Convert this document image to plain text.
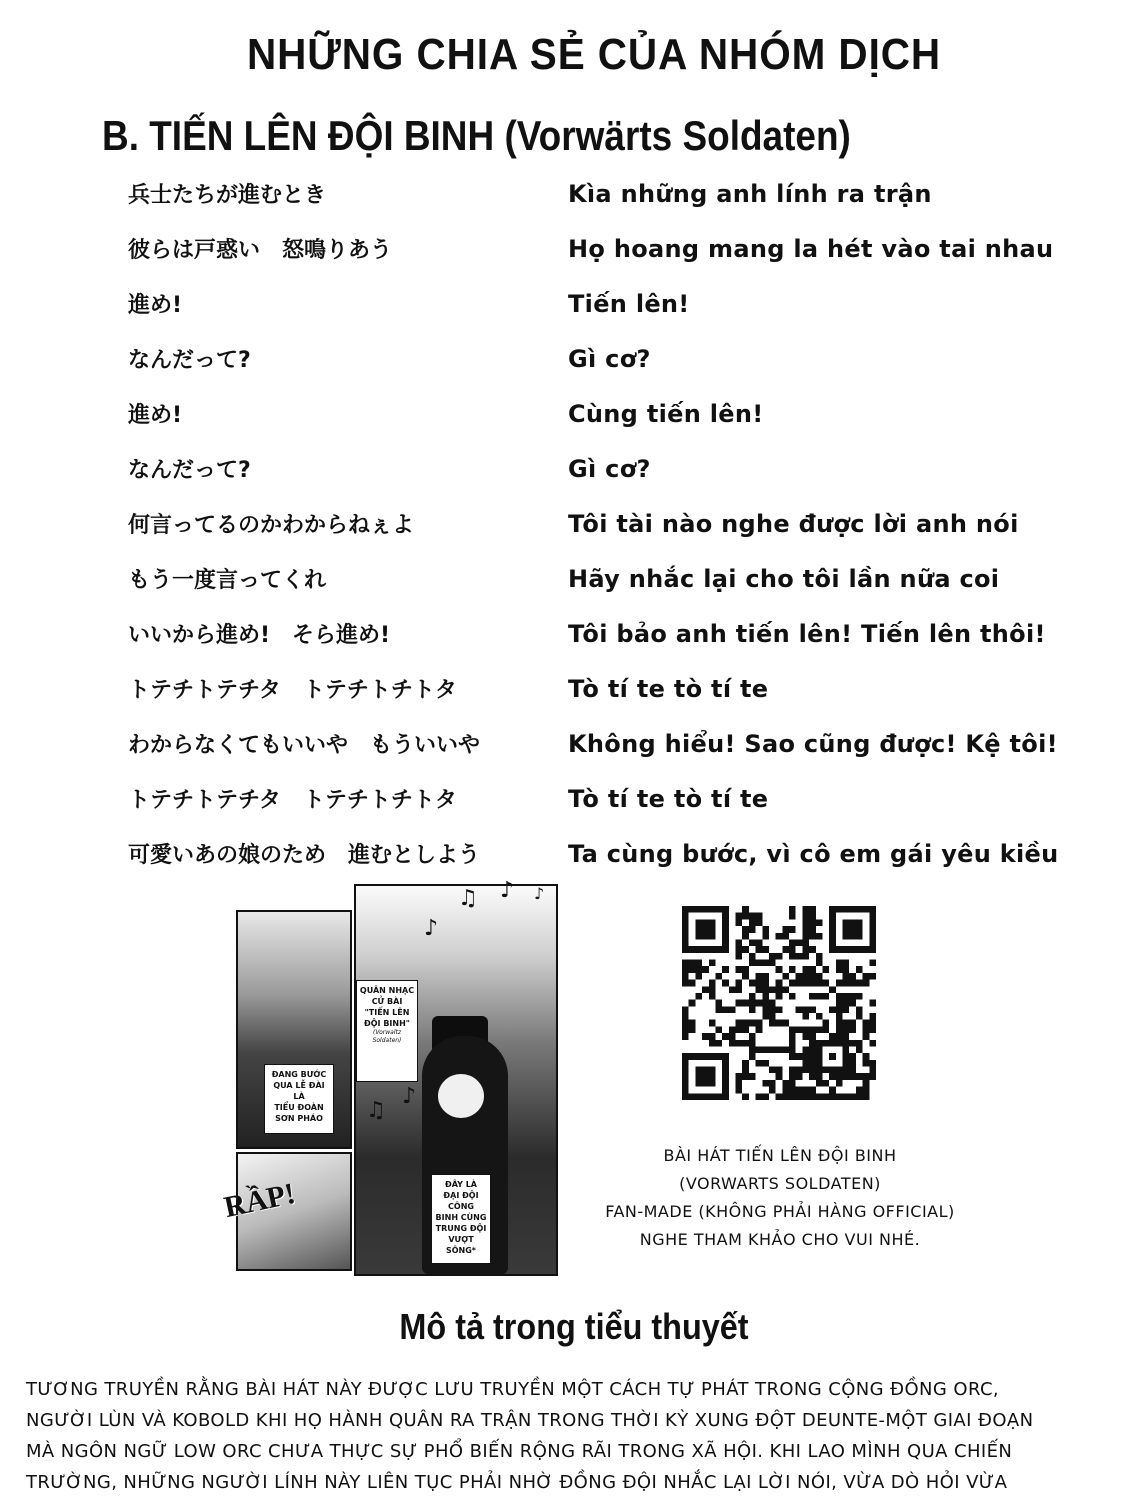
NHỮNG CHIA SẺ CỦA NHÓM DỊCH
B. TIẾN LÊN ĐỘI BINH (Vorwärts Soldaten)
兵士たちが進むとき	Kìa những anh lính ra trận
彼らは戸惑い　怒鳴りあう	Họ hoang mang la hét vào tai nhau
進め!	Tiến lên!
なんだって?	Gì cơ?
進め!	Cùng tiến lên!
なんだって?	Gì cơ?
何言ってるのかわからねぇよ	Tôi tài nào nghe được lời anh nói
もう一度言ってくれ	Hãy nhắc lại cho tôi lần nữa coi
いいから進め!　そら進め!	Tôi bảo anh tiến lên! Tiến lên thôi!
トテチトテチタ　トテチトチトタ	Tò tí te tò tí te
わからなくてもいいや　もういいや	Không hiểu! Sao cũng được! Kệ tôi!
トテチトテチタ　トテチトチトタ	Tò tí te tò tí te
可愛いあの娘のため　進むとしよう	Ta cùng bước, vì cô em gái yêu kiều
♪
♫ ♪ ♪
♫
♪
QUÂN NHẠC
CỬ BÀI
"TIẾN LÊN
ĐỘI BINH"
(Vorwaltz Soldaten)
ĐANG BƯỚC
QUA LỄ ĐÀI LÀ
TIỂU ĐOÀN
SƠN PHÁO
ĐÂY LÀ
ĐẠI ĐỘI CÔNG
BINH CÙNG
TRUNG ĐỘI
VƯỢT SÔNG*
RẦP!
BÀI HÁT TIẾN LÊN ĐỘI BINH
(VORWARTS SOLDATEN)
FAN-MADE (KHÔNG PHẢI HÀNG OFFICIAL)
NGHE THAM KHẢO CHO VUI NHÉ.
Mô tả trong tiểu thuyết
TƯƠNG TRUYỀN RẰNG BÀI HÁT NÀY ĐƯỢC LƯU TRUYỀN MỘT CÁCH TỰ PHÁT TRONG CỘNG ĐỒNG ORC,
NGƯỜI LÙN VÀ KOBOLD KHI HỌ HÀNH QUÂN RA TRẬN TRONG THỜI KỲ XUNG ĐỘT DEUNTE-MỘT GIAI ĐOẠN
MÀ NGÔN NGỮ LOW ORC CHƯA THỰC SỰ PHỔ BIẾN RỘNG RÃI TRONG XÃ HỘI. KHI LAO MÌNH QUA CHIẾN
TRƯỜNG, NHỮNG NGƯỜI LÍNH NÀY LIÊN TỤC PHẢI NHỜ ĐỒNG ĐỘI NHẮC LẠI LỜI NÓI, VỪA DÒ HỎI VỪA
